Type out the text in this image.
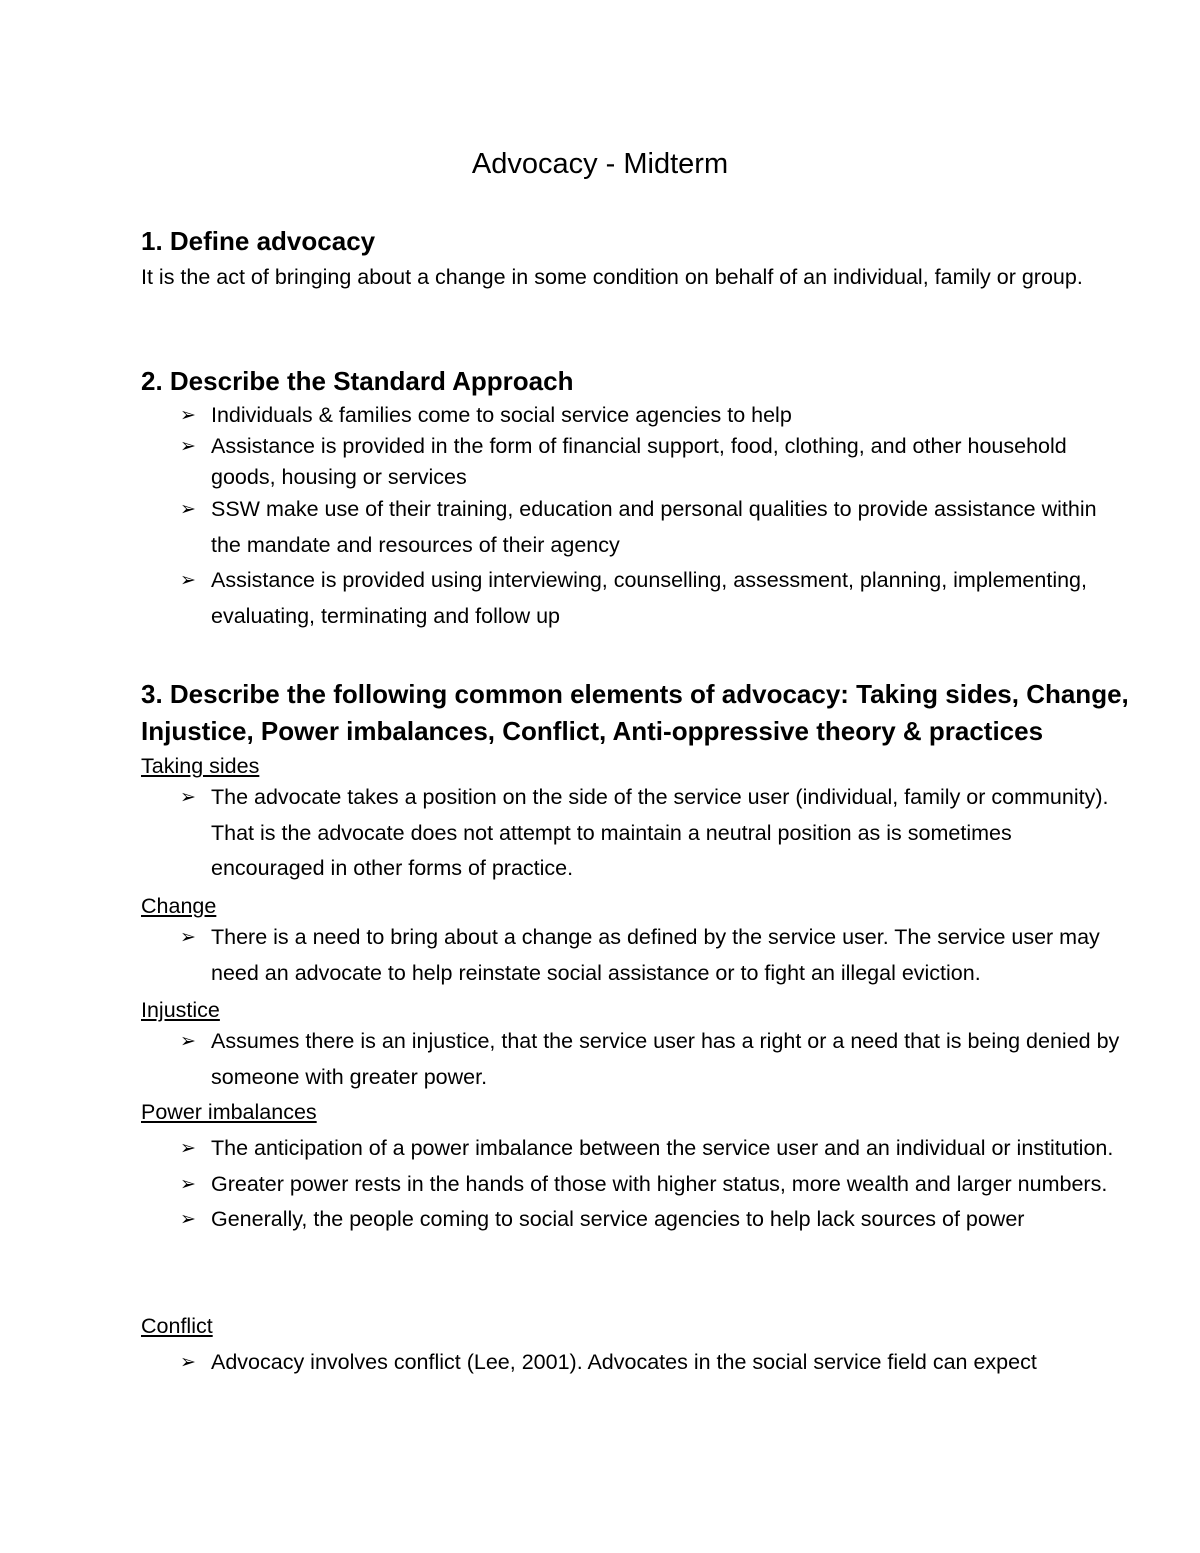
Advocacy - Midterm
1. Define advocacy
It is the act of bringing about a change in some condition on behalf of an individual, family or group.
2. Describe the Standard Approach
➢ Individuals & families come to social service agencies to help
➢ Assistance is provided in the form of financial support, food, clothing, and other household goods, housing or services
➢ SSW make use of their training, education and personal qualities to provide assistance within the mandate and resources of their agency
➢ Assistance is provided using interviewing, counselling, assessment, planning, implementing, evaluating, terminating and follow up
3. Describe the following common elements of advocacy: Taking sides, Change, Injustice, Power imbalances, Conflict, Anti-oppressive theory & practices
Taking sides
➢ The advocate takes a position on the side of the service user (individual, family or community). That is the advocate does not attempt to maintain a neutral position as is sometimes encouraged in other forms of practice.
Change
➢ There is a need to bring about a change as defined by the service user. The service user may need an advocate to help reinstate social assistance or to fight an illegal eviction.
Injustice
➢ Assumes there is an injustice, that the service user has a right or a need that is being denied by someone with greater power.
Power imbalances
➢ The anticipation of a power imbalance between the service user and an individual or institution.
➢ Greater power rests in the hands of those with higher status, more wealth and larger numbers.
➢ Generally, the people coming to social service agencies to help lack sources of power
Conflict
➢ Advocacy involves conflict (Lee, 2001). Advocates in the social service field can expect
